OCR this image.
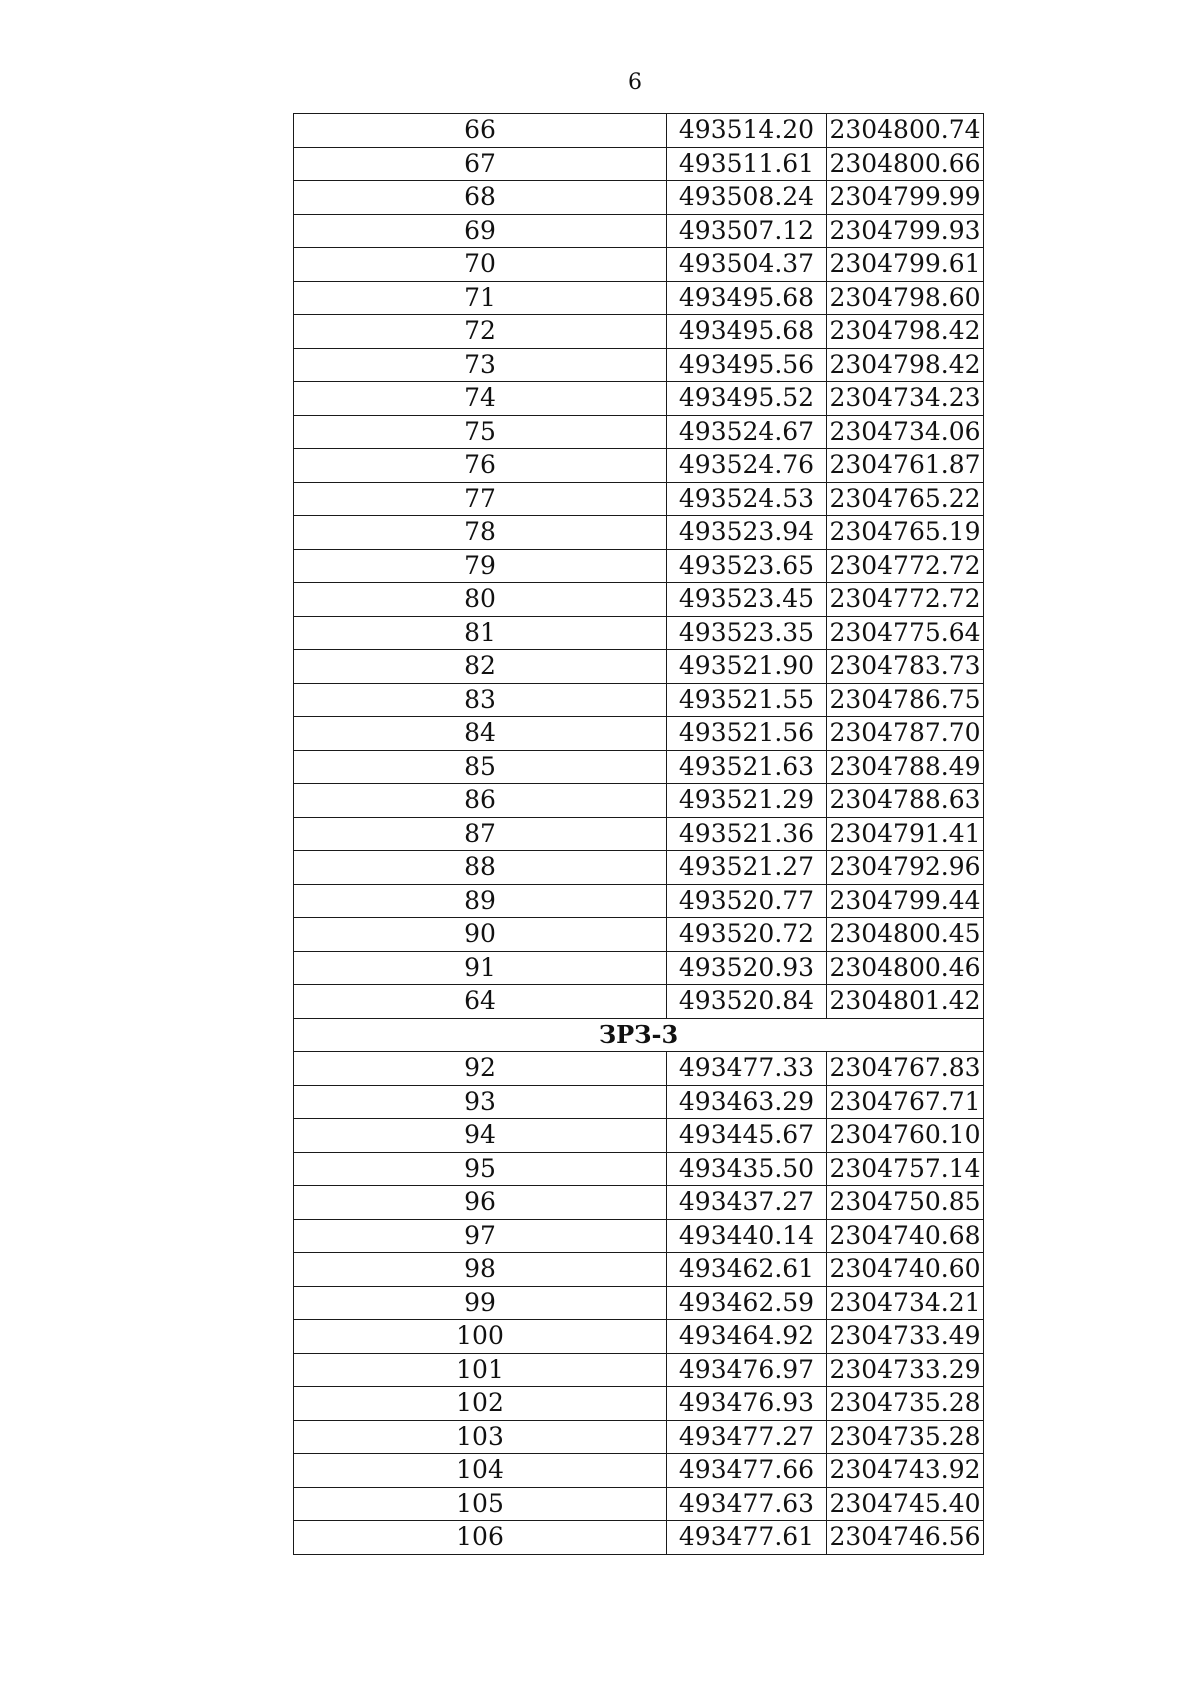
6
66	493514.20	2304800.74
67	493511.61	2304800.66
68	493508.24	2304799.99
69	493507.12	2304799.93
70	493504.37	2304799.61
71	493495.68	2304798.60
72	493495.68	2304798.42
73	493495.56	2304798.42
74	493495.52	2304734.23
75	493524.67	2304734.06
76	493524.76	2304761.87
77	493524.53	2304765.22
78	493523.94	2304765.19
79	493523.65	2304772.72
80	493523.45	2304772.72
81	493523.35	2304775.64
82	493521.90	2304783.73
83	493521.55	2304786.75
84	493521.56	2304787.70
85	493521.63	2304788.49
86	493521.29	2304788.63
87	493521.36	2304791.41
88	493521.27	2304792.96
89	493520.77	2304799.44
90	493520.72	2304800.45
91	493520.93	2304800.46
64	493520.84	2304801.42
ЗРЗ-3		
92	493477.33	2304767.83
93	493463.29	2304767.71
94	493445.67	2304760.10
95	493435.50	2304757.14
96	493437.27	2304750.85
97	493440.14	2304740.68
98	493462.61	2304740.60
99	493462.59	2304734.21
100	493464.92	2304733.49
101	493476.97	2304733.29
102	493476.93	2304735.28
103	493477.27	2304735.28
104	493477.66	2304743.92
105	493477.63	2304745.40
106	493477.61	2304746.56
